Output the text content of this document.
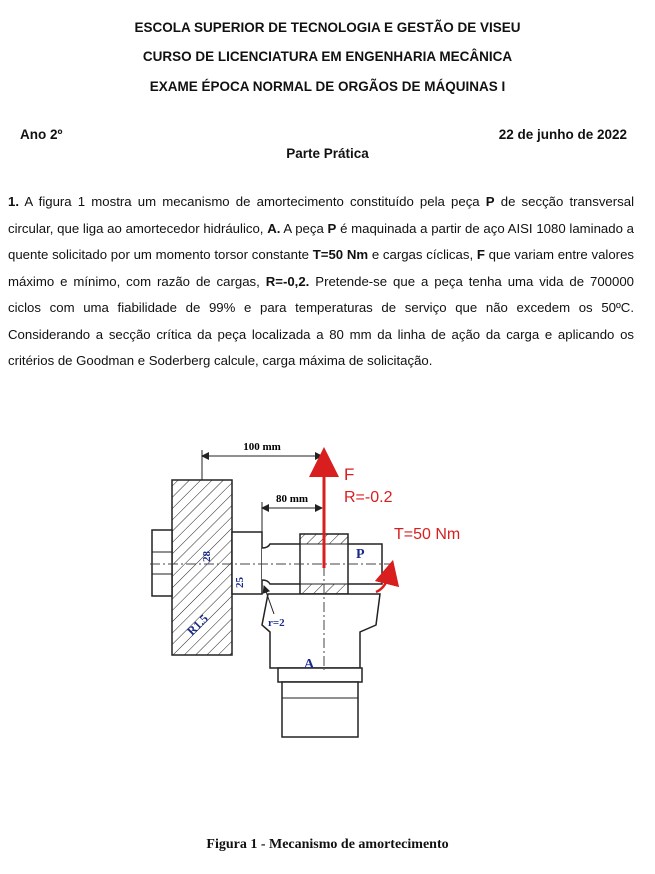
ESCOLA SUPERIOR DE TECNOLOGIA E GESTÃO DE VISEU
CURSO DE LICENCIATURA EM ENGENHARIA MECÂNICA
EXAME ÉPOCA NORMAL DE ORGÃOS DE MÁQUINAS I
Ano 2º	22 de junho de 2022
Parte Prática
1. A figura 1 mostra um mecanismo de amortecimento constituído pela peça P de secção transversal circular, que liga ao amortecedor hidráulico, A. A peça P é maquinada a partir de aço AISI 1080 laminado a quente solicitado por um momento torsor constante T=50 Nm e cargas cíclicas, F que variam entre valores máximo e mínimo, com razão de cargas, R=-0,2. Pretende-se que a peça tenha uma vida de 700000 ciclos com uma fiabilidade de 99% e para temperaturas de serviço que não excedem os 50ºC. Considerando a secção crítica da peça localizada a 80 mm da linha de ação da carga e aplicando os critérios de Goodman e Soderberg calcule, carga máxima de solicitação.
100 mm
80 mm
F
R=-0.2
T=50 Nm
P
A
28
25
R1.5	r=2
Figura 1 - Mecanismo de amortecimento
